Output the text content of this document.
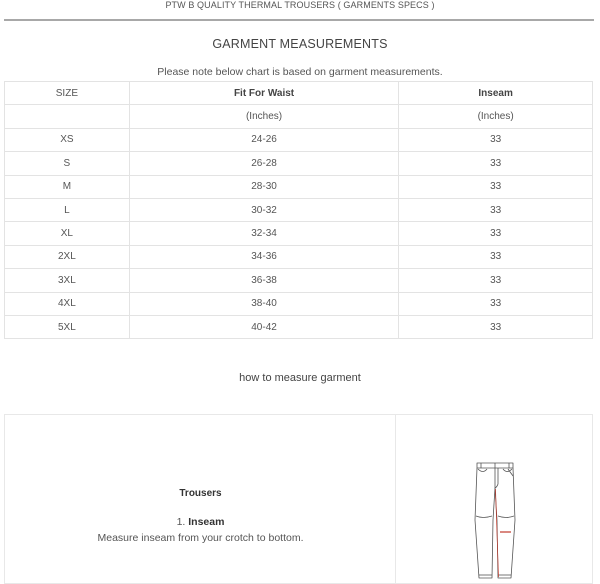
PTW B QUALITY THERMAL TROUSERS ( GARMENTS SPECS )
GARMENT MEASUREMENTS
Please note below chart is based on garment measurements.
SIZE	Fit For Waist	Inseam
	(Inches)	(Inches)
XS	24-26	33
S	26-28	33
M	28-30	33
L	30-32	33
XL	32-34	33
2XL	34-36	33
3XL	36-38	33
4XL	38-40	33
5XL	40-42	33
how to measure garment
Trousers
1. Inseam
Measure inseam from your crotch to bottom.
